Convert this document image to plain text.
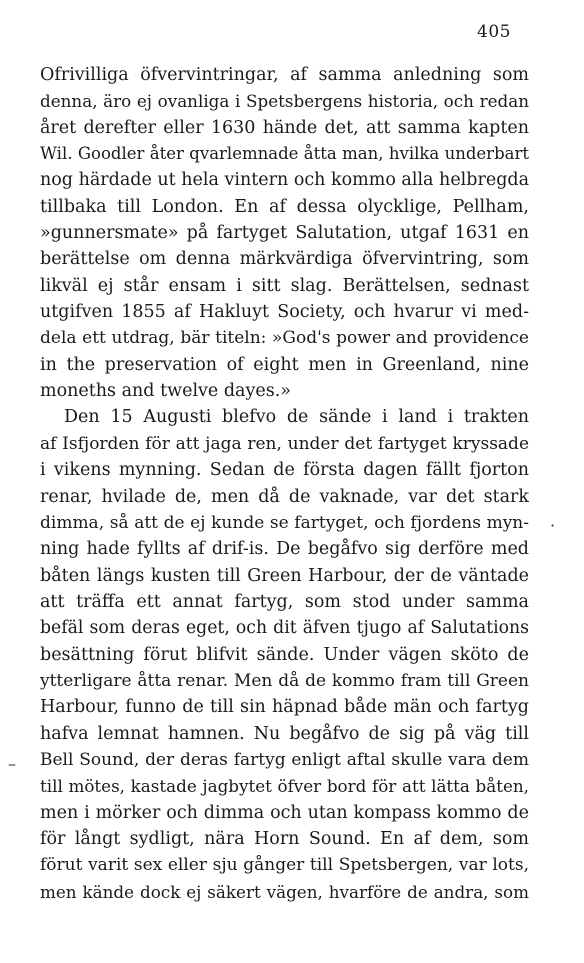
405
Ofrivilliga öfvervintringar, af samma anledning som
denna, äro ej ovanliga i Spetsbergens historia, och redan
året derefter eller 1630 hände det, att samma kapten
Wil. Goodler åter qvarlemnade åtta man, hvilka underbart
nog härdade ut hela vintern och kommo alla helbregda
tillbaka till London. En af dessa olycklige, Pellham,
»gunnersmate» på fartyget Salutation, utgaf 1631 en
berättelse om denna märkvärdiga öfvervintring, som
likväl ej står ensam i sitt slag. Berättelsen, sednast
utgifven 1855 af Hakluyt Society, och hvarur vi med-
dela ett utdrag, bär titeln: »God's power and providence
in the preservation of eight men in Greenland, nine
moneths and twelve dayes.»
Den 15 Augusti blefvo de sände i land i trakten
af Isfjorden för att jaga ren, under det fartyget kryssade
i vikens mynning. Sedan de första dagen fällt fjorton
renar, hvilade de, men då de vaknade, var det stark
dimma, så att de ej kunde se fartyget, och fjordens myn-
ning hade fyllts af drif-is. De begåfvo sig derföre med
båten längs kusten till Green Harbour, der de väntade
att träffa ett annat fartyg, som stod under samma
befäl som deras eget, och dit äfven tjugo af Salutations
besättning förut blifvit sände. Under vägen sköto de
ytterligare åtta renar. Men då de kommo fram till Green
Harbour, funno de till sin häpnad både män och fartyg
hafva lemnat hamnen. Nu begåfvo de sig på väg till
Bell Sound, der deras fartyg enligt aftal skulle vara dem
till mötes, kastade jagbytet öfver bord för att lätta båten,
men i mörker och dimma och utan kompass kommo de
för långt sydligt, nära Horn Sound. En af dem, som
förut varit sex eller sju gånger till Spetsbergen, var lots,
men kände dock ej säkert vägen, hvarföre de andra, som
–
·
